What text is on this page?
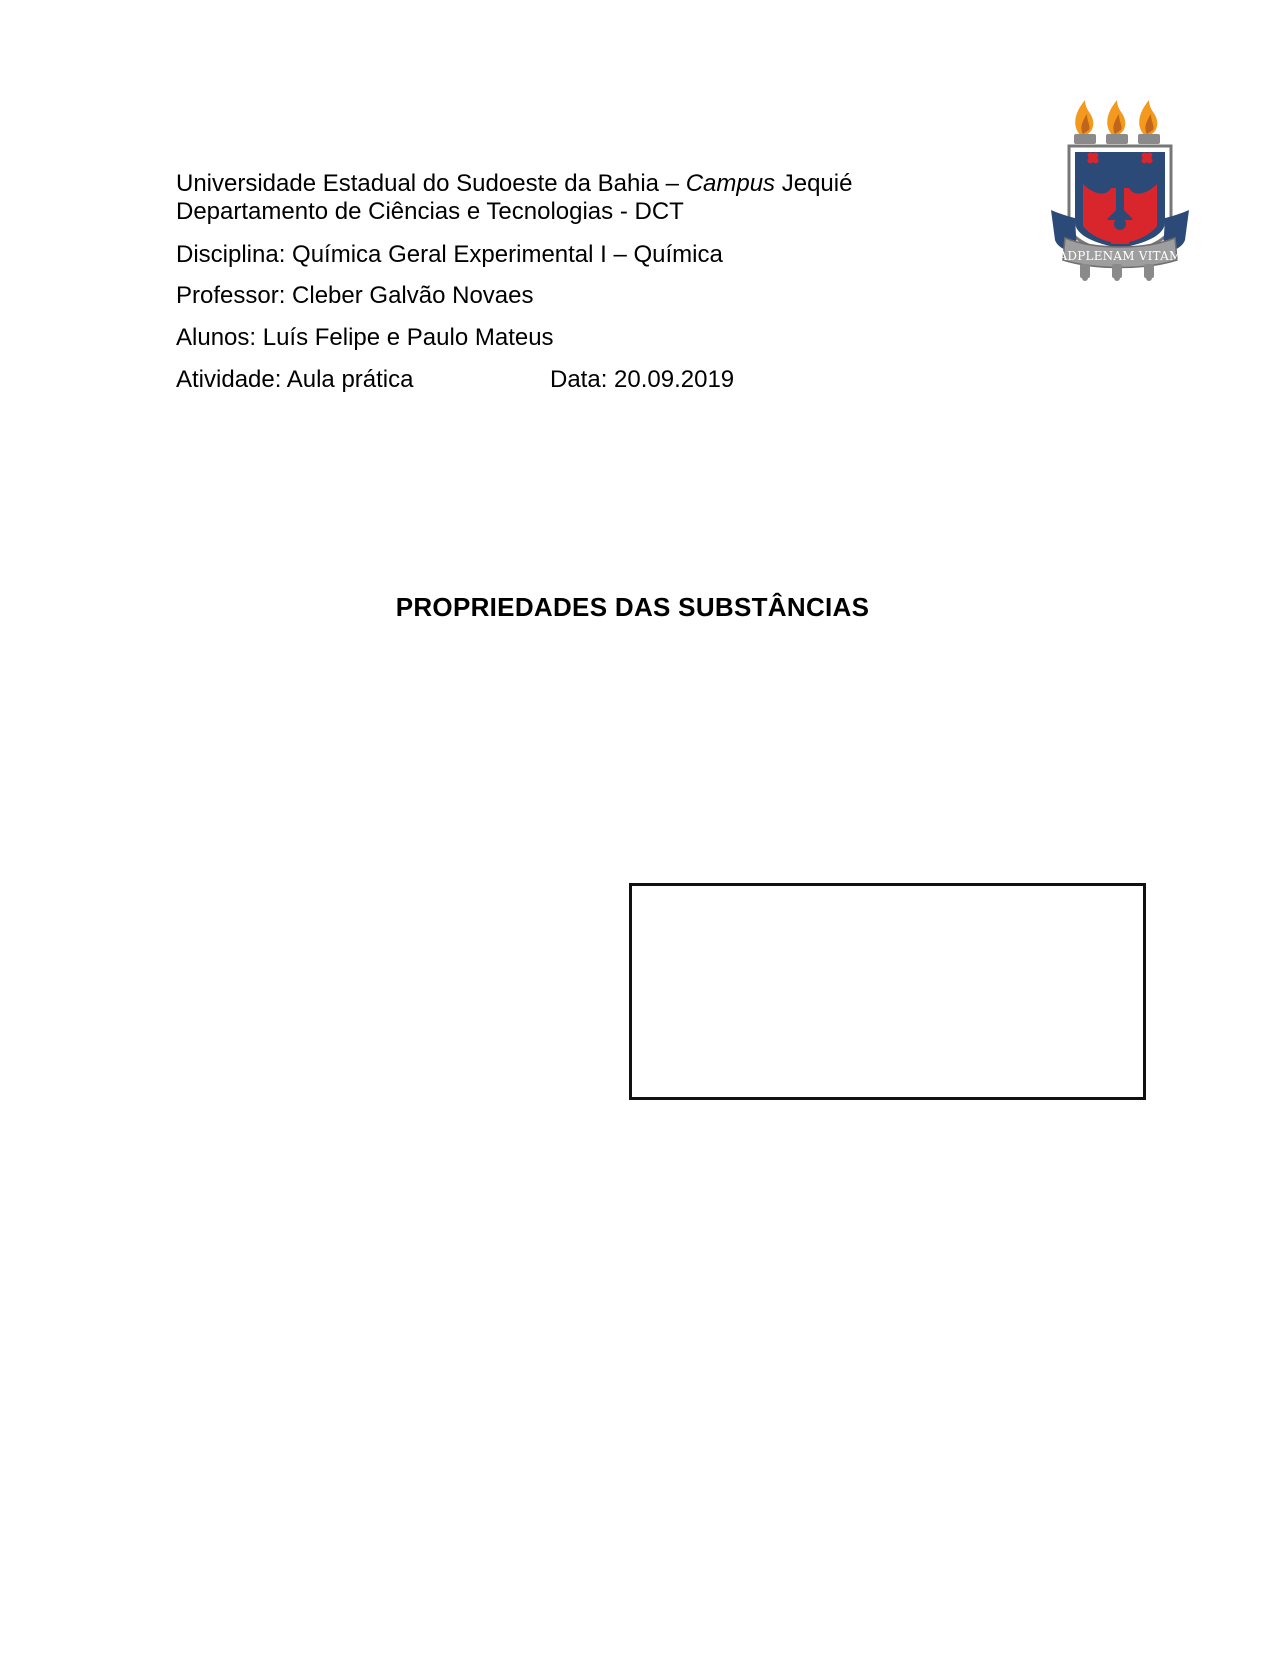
Universidade Estadual do Sudoeste da Bahia – Campus Jequié
Departamento de Ciências e Tecnologias - DCT
Disciplina: Química Geral Experimental I – Química
Professor: Cleber Galvão Novaes
Alunos: Luís Felipe e Paulo Mateus
Atividade: Aula prática	Data: 20.09.2019
ADPLENAM VITAM
PROPRIEDADES DAS SUBSTÂNCIAS
